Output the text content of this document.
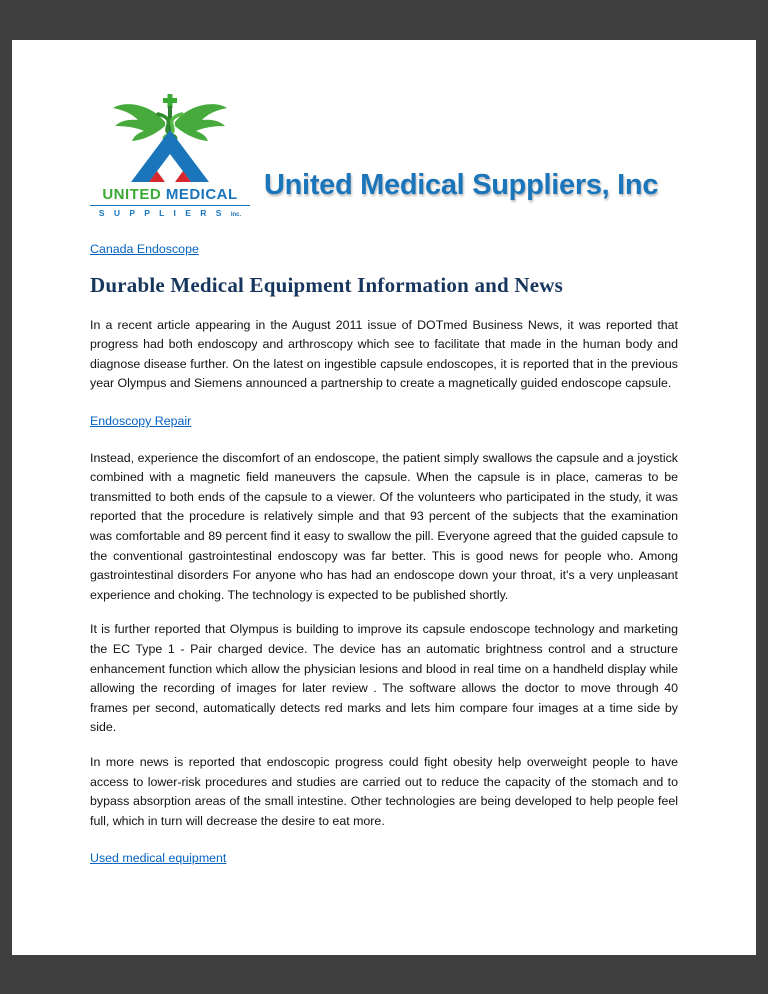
UNITED MEDICAL
S U P P L I E R S Inc.
United Medical Suppliers, Inc
Canada Endoscope
Durable Medical Equipment Information and News

In a recent article appearing in the August 2011 issue of DOTmed Business News, it was reported that progress had both endoscopy and arthroscopy which see to facilitate that made in the human body and diagnose disease further. On the latest on ingestible capsule endoscopes, it is reported that in the previous year Olympus and Siemens announced a partnership to create a magnetically guided endoscope capsule.

Endoscopy Repair

Instead, experience the discomfort of an endoscope, the patient simply swallows the capsule and a joystick combined with a magnetic field maneuvers the capsule. When the capsule is in place, cameras to be transmitted to both ends of the capsule to a viewer. Of the volunteers who participated in the study, it was reported that the procedure is relatively simple and that 93 percent of the subjects that the examination was comfortable and 89 percent find it easy to swallow the pill. Everyone agreed that the guided capsule to the conventional gastrointestinal endoscopy was far better. This is good news for people who. Among gastrointestinal disorders For anyone who has had an endoscope down your throat, it's a very unpleasant experience and choking. The technology is expected to be published shortly.

It is further reported that Olympus is building to improve its capsule endoscope technology and marketing the EC Type 1 - Pair charged device. The device has an automatic brightness control and a structure enhancement function which allow the physician lesions and blood in real time on a handheld display while allowing the recording of images for later review . The software allows the doctor to move through 40 frames per second, automatically detects red marks and lets him compare four images at a time side by side.

In more news is reported that endoscopic progress could fight obesity help overweight people to have access to lower-risk procedures and studies are carried out to reduce the capacity of the stomach and to bypass absorption areas of the small intestine. Other technologies are being developed to help people feel full, which in turn will decrease the desire to eat more.

Used medical equipment
